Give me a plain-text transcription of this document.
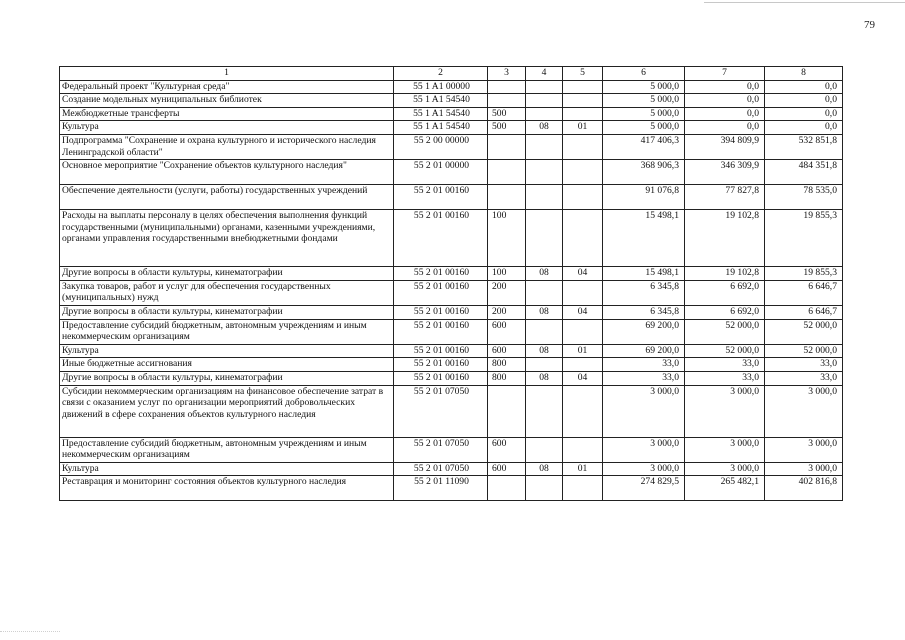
79
1	2	3	4	5	6	7	8
Федеральный проект "Культурная среда"	55 1 A1 00000				5 000,0	0,0	0,0
Создание модельных муниципальных библиотек	55 1 A1 54540				5 000,0	0,0	0,0
Межбюджетные трансферты	55 1 A1 54540	500			5 000,0	0,0	0,0
Культура	55 1 A1 54540	500	08	01	5 000,0	0,0	0,0
Подпрограмма "Сохранение и охрана культурного и исторического наследия Ленинградской области"	55 2 00 00000				417 406,3	394 809,9	532 851,8
Основное мероприятие "Сохранение объектов культурного наследия"	55 2 01 00000				368 906,3	346 309,9	484 351,8
Обеспечение деятельности (услуги, работы) государственных учреждений	55 2 01 00160				91 076,8	77 827,8	78 535,0
Расходы на выплаты персоналу в целях обеспечения выполнения функций государственными (муниципальными) органами, казенными учреждениями, органами управления государственными внебюджетными фондами	55 2 01 00160	100			15 498,1	19 102,8	19 855,3
Другие вопросы в области культуры, кинематографии	55 2 01 00160	100	08	04	15 498,1	19 102,8	19 855,3
Закупка товаров, работ и услуг для обеспечения государственных (муниципальных) нужд	55 2 01 00160	200			6 345,8	6 692,0	6 646,7
Другие вопросы в области культуры, кинематографии	55 2 01 00160	200	08	04	6 345,8	6 692,0	6 646,7
Предоставление субсидий бюджетным, автономным учреждениям и иным некоммерческим организациям	55 2 01 00160	600			69 200,0	52 000,0	52 000,0
Культура	55 2 01 00160	600	08	01	69 200,0	52 000,0	52 000,0
Иные бюджетные ассигнования	55 2 01 00160	800			33,0	33,0	33,0
Другие вопросы в области культуры, кинематографии	55 2 01 00160	800	08	04	33,0	33,0	33,0
Субсидии некоммерческим организациям на финансовое обеспечение затрат в связи с оказанием услуг по организации мероприятий добровольческих движений в сфере сохранения объектов культурного наследия	55 2 01 07050				3 000,0	3 000,0	3 000,0
Предоставление субсидий бюджетным, автономным учреждениям и иным некоммерческим организациям	55 2 01 07050	600			3 000,0	3 000,0	3 000,0
Культура	55 2 01 07050	600	08	01	3 000,0	3 000,0	3 000,0
Реставрация и мониторинг состояния объектов культурного наследия	55 2 01 11090				274 829,5	265 482,1	402 816,8
